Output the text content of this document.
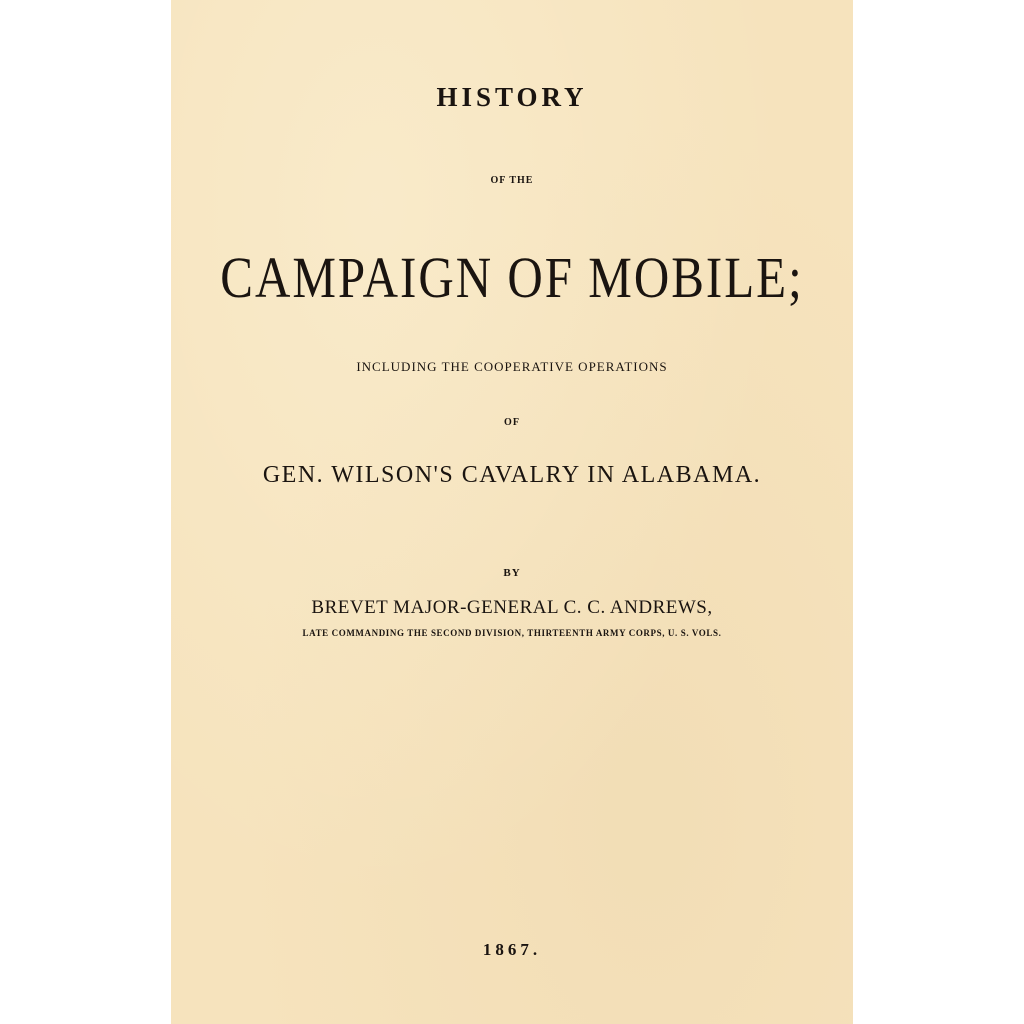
HISTORY
OF THE
CAMPAIGN OF MOBILE;
INCLUDING THE COOPERATIVE OPERATIONS
OF
GEN. WILSON'S CAVALRY IN ALABAMA.
BY
BREVET MAJOR-GENERAL C. C. ANDREWS,
LATE COMMANDING THE SECOND DIVISION, THIRTEENTH ARMY CORPS, U. S. VOLS.
1867.
